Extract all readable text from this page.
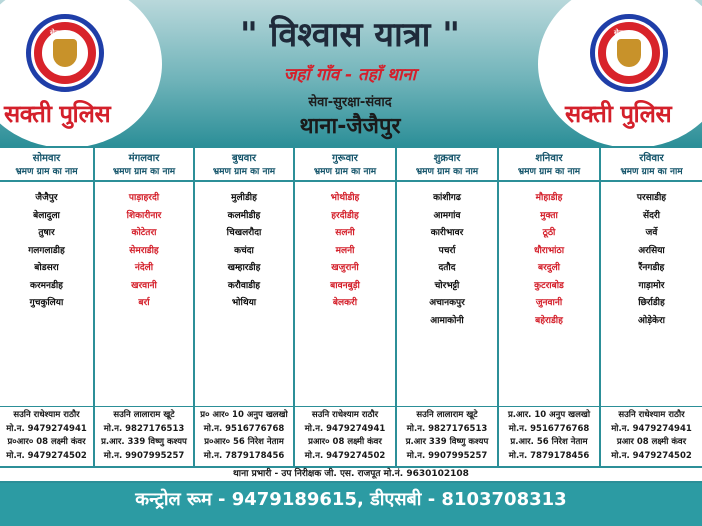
सेवा	सेवा
सक्ती पुलिस	सक्ती पुलिस
" विश्वास यात्रा "
जहाँ गाँव - तहाँ थाना
सेवा-सुरक्षा-संवाद
थाना-जैजैपुर
सोमवार
भ्रमण ग्राम का नाम
जैजैपुर
बेलादुला
तुषार
गलगलाडीह
बोडसरा
करमनडीह
गुचकुलिया
सउनि राधेश्याम राठौर
मो.न. 9479274941
प्र०आर० 08 लक्ष्मी कंवर
मो.न. 9479274502
मंगलवार
भ्रमण ग्राम का नाम
पाड़ाहरदी
शिकारीनार
कोटेतरा
सेमराडीह
नंदेली
खरवानी
बर्रा
सउनि लालाराम खूटे
मो.न. 9827176513
प्र.आर. 339 विष्णु कश्यप
मो.न. 9907995257
बुधवार
भ्रमण ग्राम का नाम
मुलीडीह
कलमीडीह
चिखलरौदा
कचंदा
खम्हारडीह
करौवाडीह
भोथिया
प्र० आर० 10 अनुप खलखो
मो.न. 9516776768
प्र०आर० 56 निरेश नेताम
मो.न. 7879178456
गुरूवार
भ्रमण ग्राम का नाम
भोथीडीह
हरदीडीह
सलनी
मलनी
खजुरानी
बावनबुड़ी
बेलकरी
सउनि राधेश्याम राठौर
मो.न. 9479274941
प्रआर० 08 लक्ष्मी कंवर
मो.न. 9479274502
शुक्रवार
भ्रमण ग्राम का नाम
कांशीगढ
आमगांव
कारीभावर
पचर्रा
दतौद
चोरभट्टी
अचानकपुर
आमाकोनी
सउनि लालाराम खूटे
मो.न. 9827176513
प्र.आर 339 विष्णु कश्यप
मो.न. 9907995257
शनिवार
भ्रमण ग्राम का नाम
मौहाडीह
मुक्ता
ठूठी
धौराभांठा
बरदुली
कुटराबोड
जुनवानी
बहेराडीह
प्र.आर. 10 अनुप खलखो
मो.न. 9516776768
प्र.आर. 56 निरेश नेताम
मो.न. 7879178456
रविवार
भ्रमण ग्राम का नाम
परसाडीह
सेंदरी
जर्वे
अरसिया
रैंनगडीह
गाड़ामोर
छिर्राडीह
ओड़ेकेरा
सउनि राधेश्याम राठौर
मो.न. 9479274941
प्रआर 08 लक्ष्मी कंवर
मो.न. 9479274502
थाना प्रभारी - उप निरीक्षक जी. एस. राजपूत मो.नं. 9630102108
कन्ट्रोल रूम - 9479189615, डीएसबी - 8103708313
